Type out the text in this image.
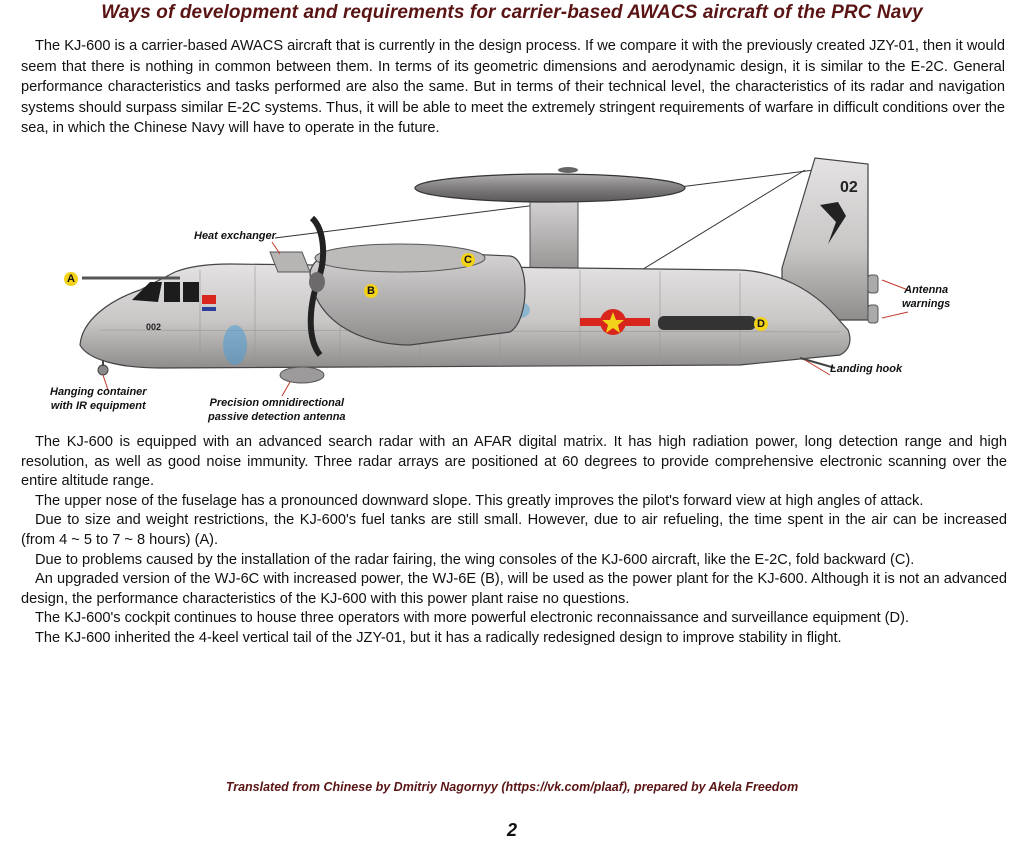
Ways of development and requirements for carrier-based AWACS aircraft of the PRC Navy

The KJ-600 is a carrier-based AWACS aircraft that is currently in the design process. If we compare it with the previously created JZY-01, then it would seem that there is nothing in common between them. In terms of its geometric dimensions and aerodynamic design, it is similar to the E-2C. General performance characteristics and tasks performed are also the same. But in terms of their technical level, the characteristics of its radar and navigation systems should surpass similar E-2C systems. Thus, it will be able to meet the extremely stringent requirements of warfare in difficult conditions over the sea, in which the Chinese Navy will have to operate in the future.

02
002
A
B
C
D
Heat exchanger
Antenna
warnings
Landing hook
Hanging container
with IR equipment	Precision omnidirectional
passive detection antenna

The KJ-600 is equipped with an advanced search radar with an AFAR digital matrix. It has high radiation power, long detection range and high resolution, as well as good noise immunity. Three radar arrays are positioned at 60 degrees to provide comprehensive electronic scanning over the entire altitude range.

The upper nose of the fuselage has a pronounced downward slope. This greatly improves the pilot's forward view at high angles of attack.

Due to size and weight restrictions, the KJ-600's fuel tanks are still small. However, due to air refueling, the time spent in the air can be increased (from 4 ~ 5 to 7 ~ 8 hours) (A).

Due to problems caused by the installation of the radar fairing, the wing consoles of the KJ-600 aircraft, like the E-2C, fold backward (C).

An upgraded version of the WJ-6C with increased power, the WJ-6E (B), will be used as the power plant for the KJ-600. Although it is not an advanced design, the performance characteristics of the KJ-600 with this power plant raise no questions.

The KJ-600's cockpit continues to house three operators with more powerful electronic reconnaissance and surveillance equipment (D).

The KJ-600 inherited the 4-keel vertical tail of the JZY-01, but it has a radically redesigned design to improve stability in flight.

Translated from Chinese by Dmitriy Nagornyy (https://vk.com/plaaf), prepared by Akela Freedom
2
